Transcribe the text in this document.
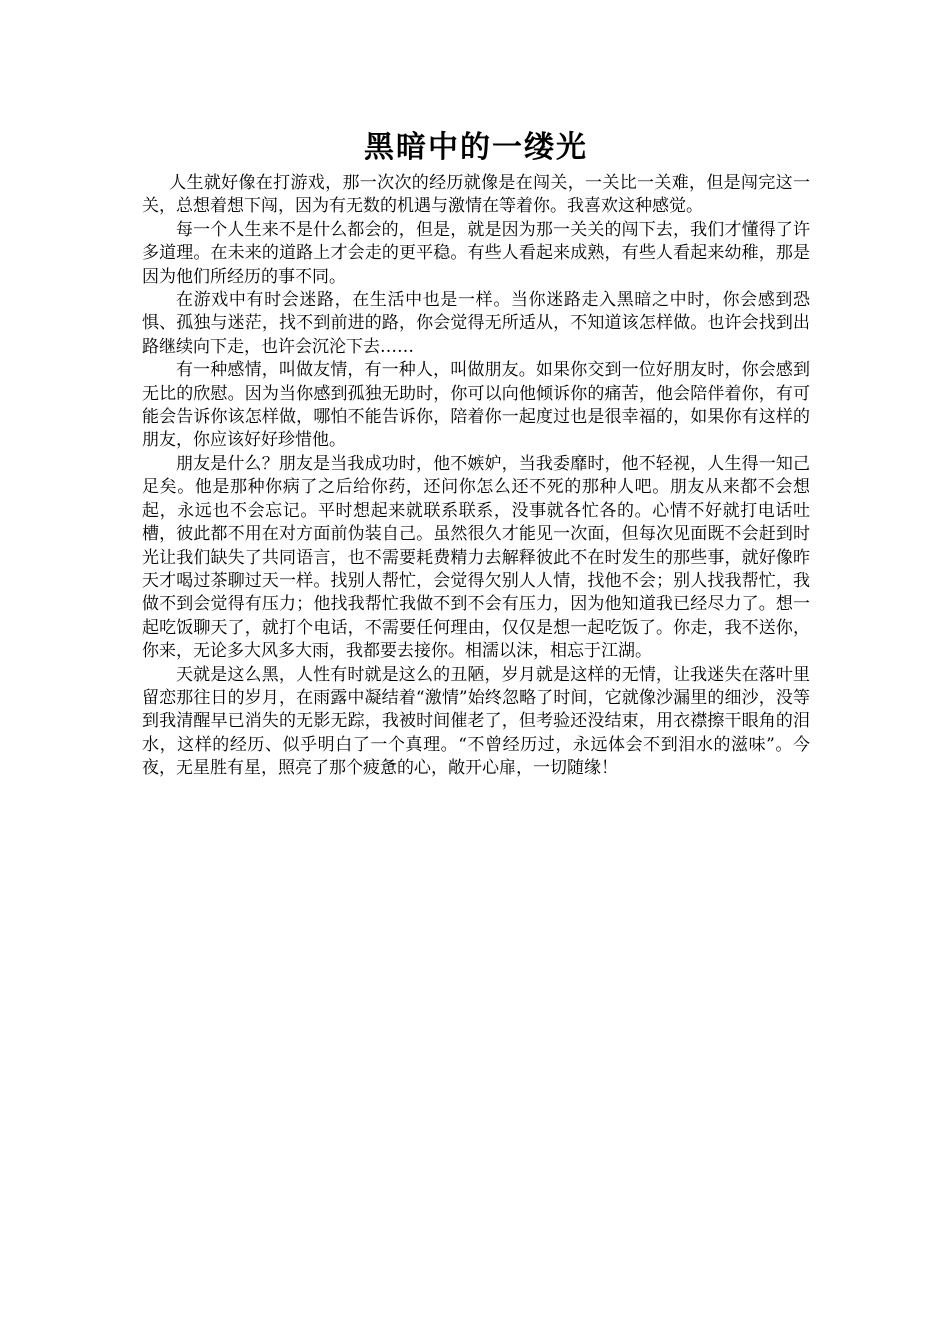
黑暗中的一缕光

人生就好像在打游戏，那一次次的经历就像是在闯关，一关比一关难，但是闯完这一关，总想着想下闯，因为有无数的机遇与激情在等着你。我喜欢这种感觉。

每一个人生来不是什么都会的，但是，就是因为那一关关的闯下去，我们才懂得了许多道理。在未来的道路上才会走的更平稳。有些人看起来成熟，有些人看起来幼稚，那是因为他们所经历的事不同。

在游戏中有时会迷路，在生活中也是一样。当你迷路走入黑暗之中时，你会感到恐惧、孤独与迷茫，找不到前进的路，你会觉得无所适从，不知道该怎样做。也许会找到出路继续向下走，也许会沉沦下去……

有一种感情，叫做友情，有一种人，叫做朋友。如果你交到一位好朋友时，你会感到无比的欣慰。因为当你感到孤独无助时，你可以向他倾诉你的痛苦，他会陪伴着你，有可能会告诉你该怎样做，哪怕不能告诉你，陪着你一起度过也是很幸福的，如果你有这样的朋友，你应该好好珍惜他。

朋友是什么？朋友是当我成功时，他不嫉妒，当我委靡时，他不轻视，人生得一知己足矣。他是那种你病了之后给你药，还问你怎么还不死的那种人吧。朋友从来都不会想起，永远也不会忘记。平时想起来就联系联系，没事就各忙各的。心情不好就打电话吐槽，彼此都不用在对方面前伪装自己。虽然很久才能见一次面，但每次见面既不会赶到时光让我们缺失了共同语言，也不需要耗费精力去解释彼此不在时发生的那些事，就好像昨天才喝过茶聊过天一样。找别人帮忙，会觉得欠别人人情，找他不会；别人找我帮忙，我做不到会觉得有压力；他找我帮忙我做不到不会有压力，因为他知道我已经尽力了。想一起吃饭聊天了，就打个电话，不需要任何理由，仅仅是想一起吃饭了。你走，我不送你，你来，无论多大风多大雨，我都要去接你。相濡以沫，相忘于江湖。

天就是这么黑，人性有时就是这么的丑陋，岁月就是这样的无情，让我迷失在落叶里留恋那往日的岁月，在雨露中凝结着“激情”始终忽略了时间，它就像沙漏里的细沙，没等到我清醒早已消失的无影无踪，我被时间催老了，但考验还没结束，用衣襟擦干眼角的泪水，这样的经历、似乎明白了一个真理。“不曾经历过，永远体会不到泪水的滋味”。今夜，无星胜有星，照亮了那个疲惫的心，敞开心扉，一切随缘！
